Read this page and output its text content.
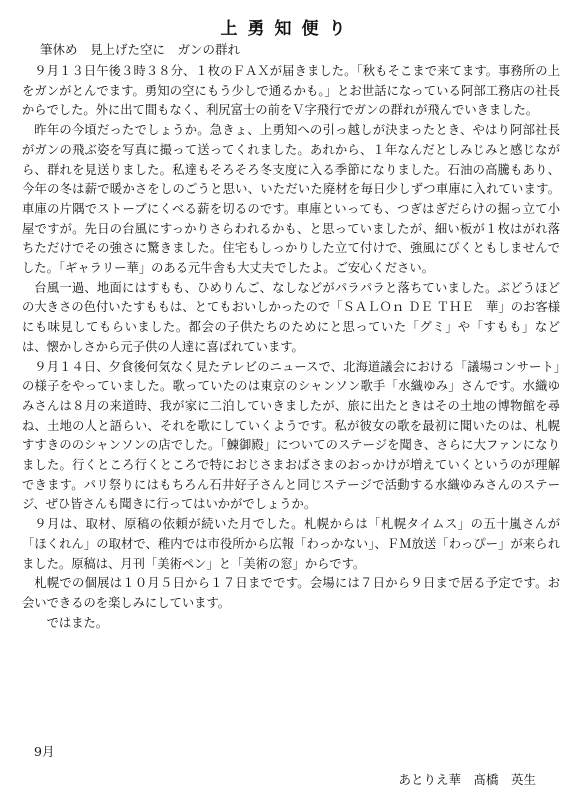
上勇知便り
筆休め　見上げた空に　ガンの群れ

９月１３日午後３時３８分、１枚のＦＡＸが届きました。「秋もそこまで来てます。事務所の上をガンがとんでます。勇知の空にもう少しで通るかも。」とお世話になっている阿部工務店の社長からでした。外に出て間もなく、利尻富士の前をＶ字飛行でガンの群れが飛んでいきました。

昨年の今頃だったでしょうか。急きょ、上勇知への引っ越しが決まったとき、やはり阿部社長がガンの飛ぶ姿を写真に撮って送ってくれました。あれから、１年なんだとしみじみと感じながら、群れを見送りました。私達もそろそろ冬支度に入る季節になりました。石油の高騰もあり、今年の冬は薪で暖かさをしのごうと思い、いただいた廃材を毎日少しずつ車庫に入れています。車庫の片隅でストーブにくべる薪を切るのです。車庫といっても、つぎはぎだらけの掘っ立て小屋ですが。先日の台風にすっかりさらわれるかも、と思っていましたが、細い板が１枚はがれ落ちただけでその強さに驚きました。住宅もしっかりした立て付けで、強風にびくともしませんでした。「ギャラリー華」のある元牛舎も大丈夫でしたよ。ご安心ください。

台風一過、地面にはすもも、ひめりんご、なしなどがパラパラと落ちていました。ぶどうほどの大きさの色付いたすももは、とてもおいしかったので「ＳＡＬＯｎ ＤＥ ＴＨＥ　華」のお客様にも味見してもらいました。都会の子供たちのためにと思っていた「グミ」や「すもも」などは、懐かしさから元子供の人達に喜ばれています。

９月１４日、夕食後何気なく見たテレビのニュースで、北海道議会における「議場コンサート」の様子をやっていました。歌っていたのは東京のシャンソン歌手「水織ゆみ」さんです。水織ゆみさんは８月の来道時、我が家に二泊していきましたが、旅に出たときはその土地の博物館を尋ね、土地の人と語らい、それを歌にしていくようです。私が彼女の歌を最初に聞いたのは、札幌すすきののシャンソンの店でした。「鰊御殿」についてのステージを聞き、さらに大ファンになりました。行くところ行くところで特におじさまおばさまのおっかけが増えていくというのが理解できます。パリ祭りにはもちろん石井好子さんと同じステージで活動する水織ゆみさんのステージ、ぜひ皆さんも聞きに行ってはいかがでしょうか。

９月は、取材、原稿の依頼が続いた月でした。札幌からは「札幌タイムス」の五十嵐さんが「ほくれん」の取材で、稚内では市役所から広報「わっかない」、ＦＭ放送「わっぴー」が来られました。原稿は、月刊「美術ペン」と「美術の窓」からです。

札幌での個展は１０月５日から１７日までです。会場には７日から９日まで居る予定です。お会いできるのを楽しみにしています。

ではまた。

9月
あとりえ華　髙橋　英生
